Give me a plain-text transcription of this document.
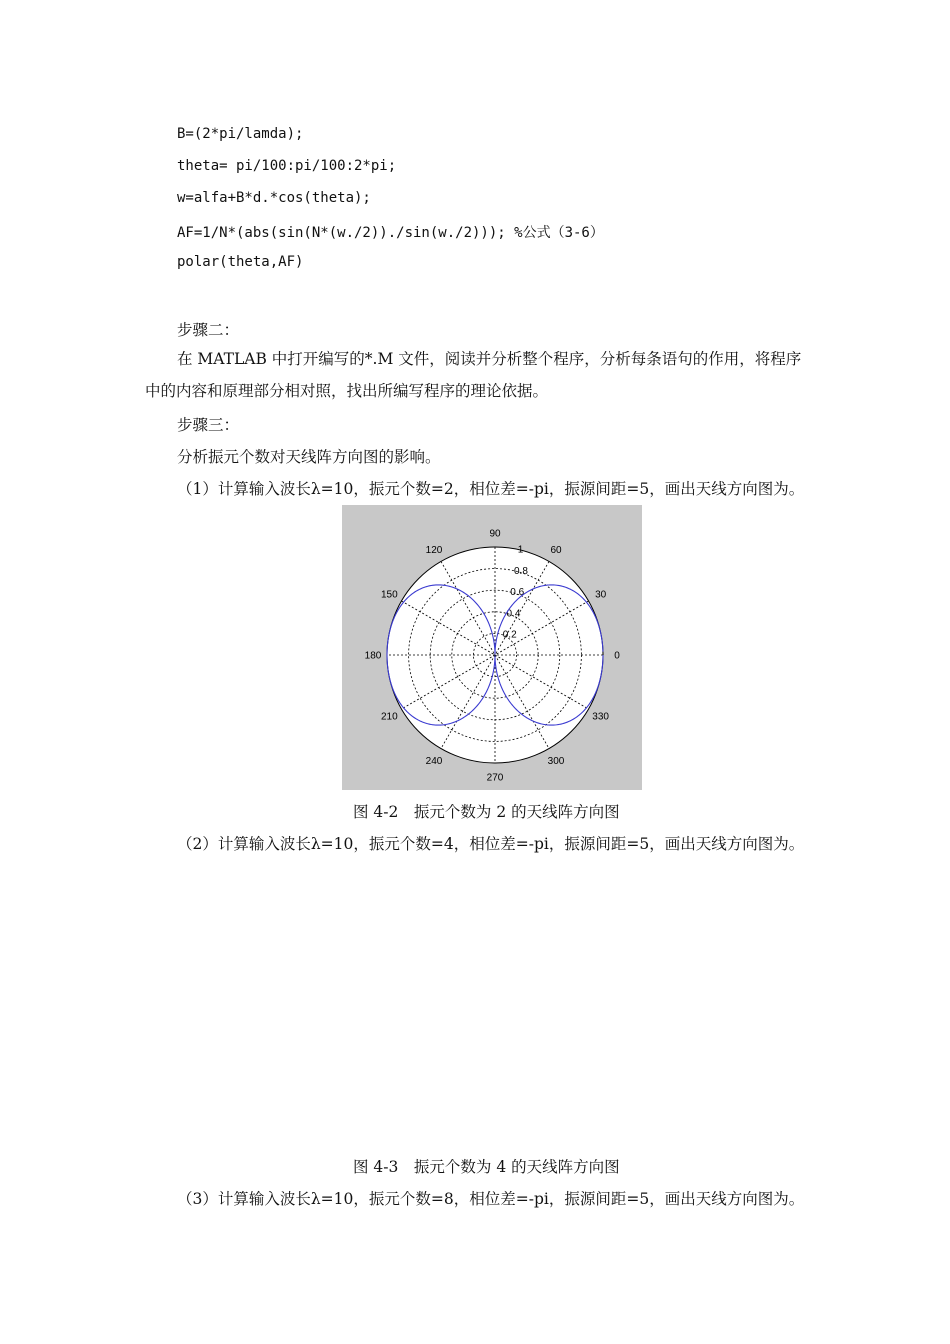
B=(2*pi/lamda);
theta= pi/100:pi/100:2*pi;
w=alfa+B*d.*cos(theta);
AF=1/N*(abs(sin(N*(w./2))./sin(w./2))); %公式（3-6）
polar(theta,AF)
步骤二：
在 MATLAB 中打开编写的*.M 文件，阅读并分析整个程序，分析每条语句的作用，将程序中的内容和原理部分相对照，找出所编写程序的理论依据。
步骤三：
分析振元个数对天线阵方向图的影响。
（1）计算输入波长λ=10，振元个数=2，相位差=-pi，振源间距=5，画出天线方向图为。
0
30
60
90
120
150
180
210
240
270
300
330
0.2
0.4
0.6
0.8
1
图 4-2　振元个数为 2 的天线阵方向图
（2）计算输入波长λ=10，振元个数=4，相位差=-pi，振源间距=5，画出天线方向图为。
图 4-3　振元个数为 4 的天线阵方向图
（3）计算输入波长λ=10，振元个数=8，相位差=-pi，振源间距=5，画出天线方向图为。
